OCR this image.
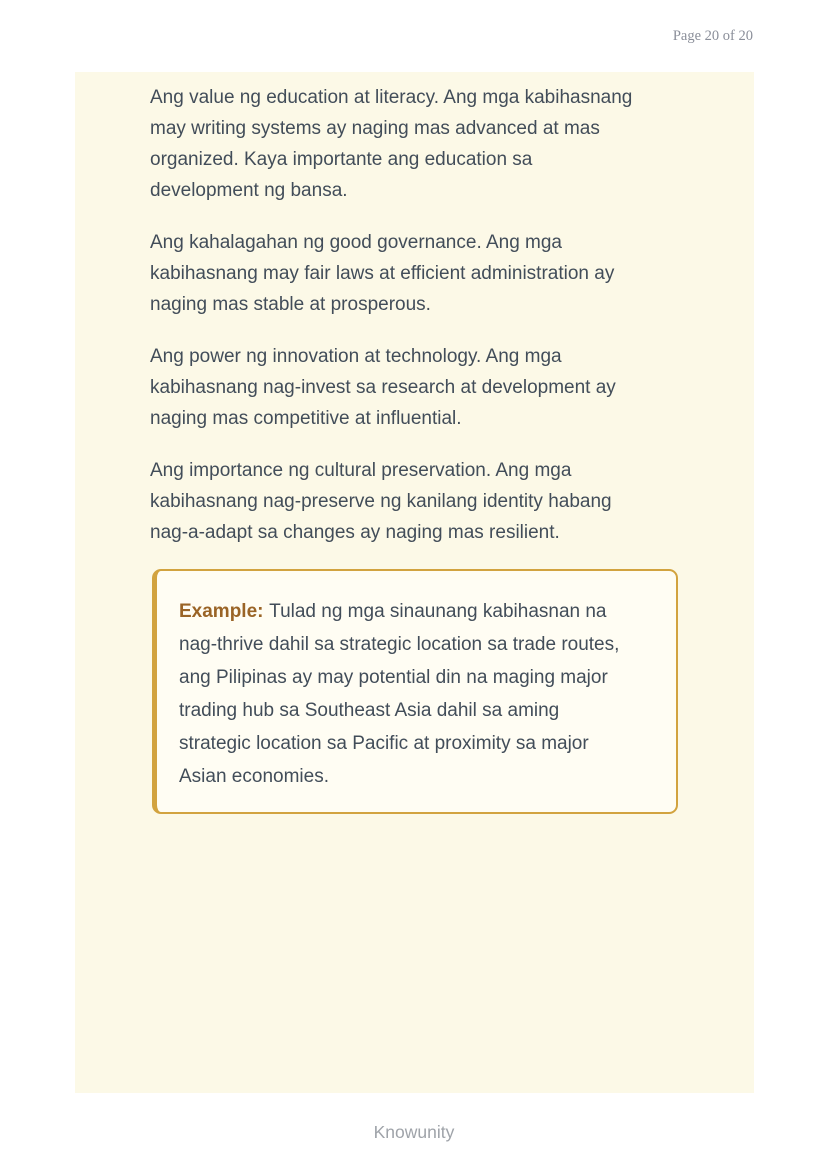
Page 20 of 20

Ang value ng education at literacy. Ang mga kabihasnang may writing systems ay naging mas advanced at mas organized. Kaya importante ang education sa development ng bansa.

Ang kahalagahan ng good governance. Ang mga kabihasnang may fair laws at efficient administration ay naging mas stable at prosperous.

Ang power ng innovation at technology. Ang mga kabihasnang nag-invest sa research at development ay naging mas competitive at influential.

Ang importance ng cultural preservation. Ang mga kabihasnang nag-preserve ng kanilang identity habang nag-a-adapt sa changes ay naging mas resilient.

Example: Tulad ng mga sinaunang kabihasnan na nag-thrive dahil sa strategic location sa trade routes, ang Pilipinas ay may potential din na maging major trading hub sa Southeast Asia dahil sa aming strategic location sa Pacific at proximity sa major Asian economies.
Knowunity
